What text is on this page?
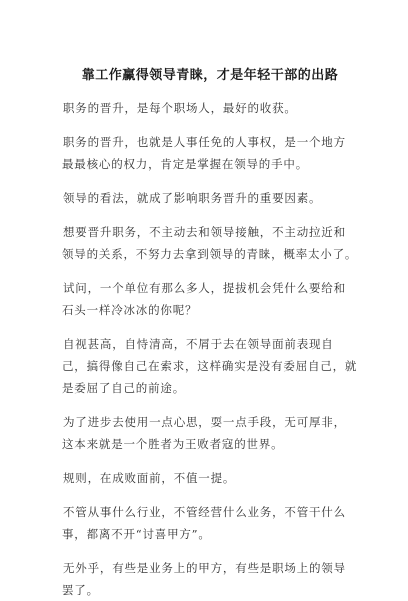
靠工作赢得领导青睐，才是年轻干部的出路

职务的晋升，是每个职场人，最好的收获。

职务的晋升，也就是人事任免的人事权，是一个地方最最核心的权力，肯定是掌握在领导的手中。

领导的看法，就成了影响职务晋升的重要因素。

想要晋升职务，不主动去和领导接触，不主动拉近和领导的关系，不努力去拿到领导的青睐，概率太小了。

试问，一个单位有那么多人，提拔机会凭什么要给和石头一样冷冰冰的你呢？

自视甚高，自恃清高，不屑于去在领导面前表现自己，搞得像自己在索求，这样确实是没有委屈自己，就是委屈了自己的前途。

为了进步去使用一点心思，耍一点手段，无可厚非，这本来就是一个胜者为王败者寇的世界。

规则，在成败面前，不值一提。

不管从事什么行业，不管经营什么业务，不管干什么事，都离不开“讨喜甲方”。

无外乎，有些是业务上的甲方，有些是职场上的领导罢了。
